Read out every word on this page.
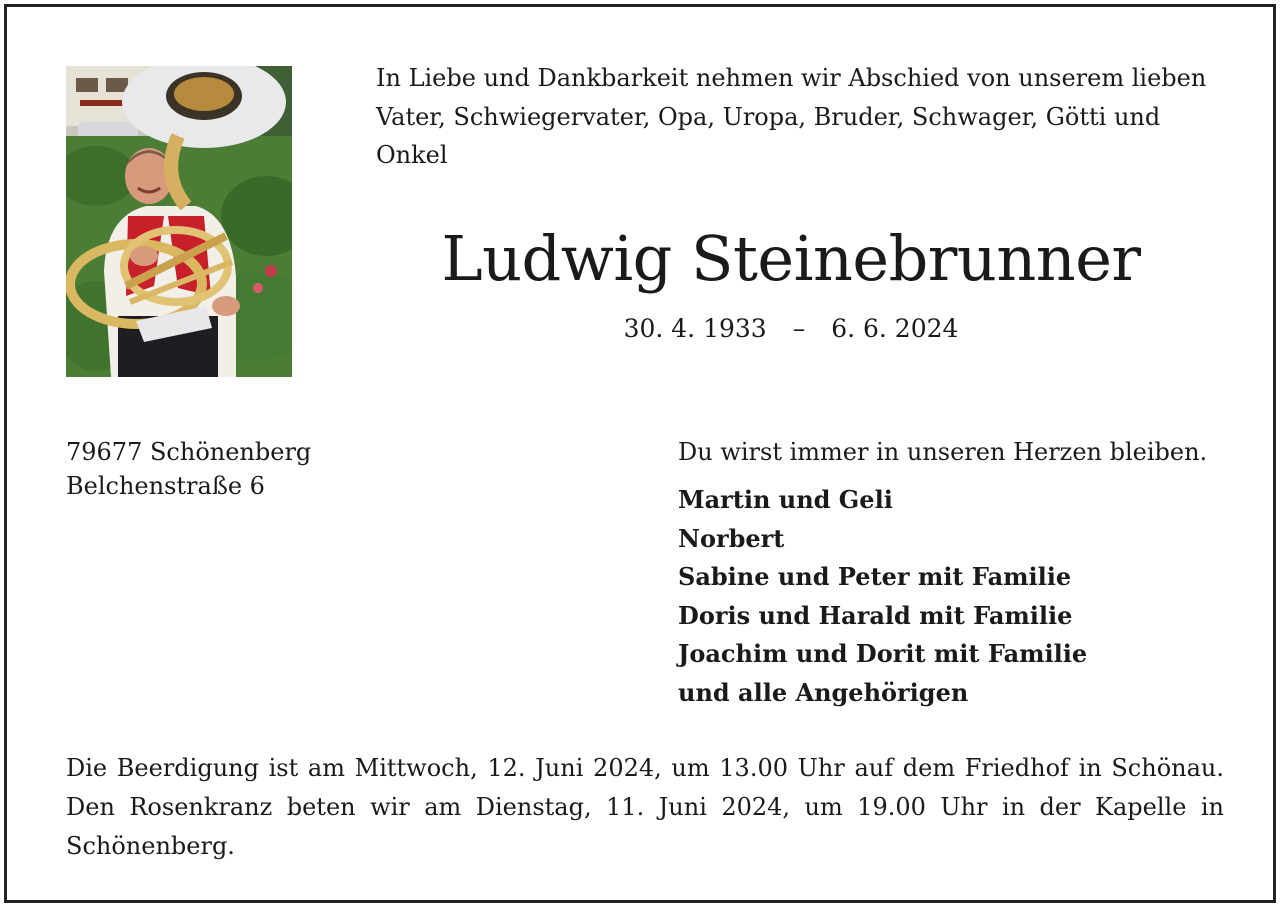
In Liebe und Dankbarkeit nehmen wir Abschied von unserem lieben Vater, Schwiegervater, Opa, Uropa, Bruder, Schwager, Götti und Onkel
Ludwig Steinebrunner
30. 4. 1933 – 6. 6. 2024
79677 Schönenberg
Belchenstraße 6
Du wirst immer in unseren Herzen bleiben.
Martin und Geli
Norbert
Sabine und Peter mit Familie
Doris und Harald mit Familie
Joachim und Dorit mit Familie
und alle Angehörigen
Die Beerdigung ist am Mittwoch, 12. Juni 2024, um 13.00 Uhr auf dem Friedhof in Schönau. Den Rosenkranz beten wir am Dienstag, 11. Juni 2024, um 19.00 Uhr in der Kapelle in Schönenberg.
